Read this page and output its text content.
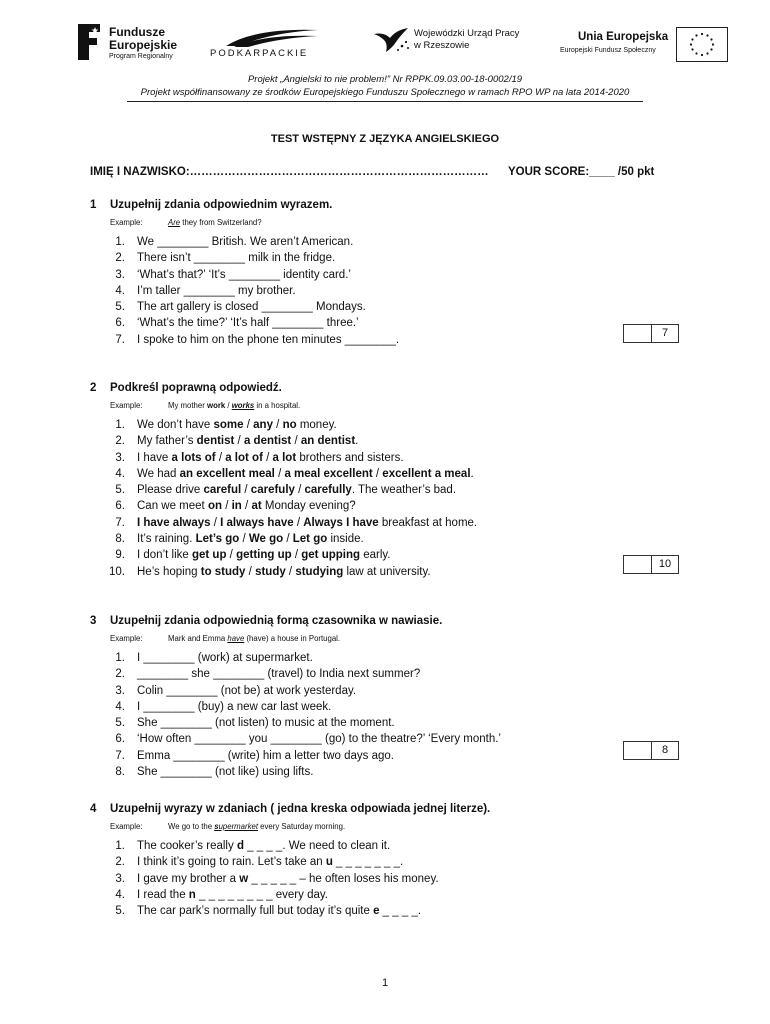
Fundusze
Europejskie
Program Regionalny	PODKARPACKIE
Wojewódzki Urząd Pracy
w Rzeszowie
Unia Europejska
Europejski Fundusz Społeczny
Projekt „Angielski to nie problem!” Nr RPPK.09.03.00-18-0002/19
Projekt współfinansowany ze środków Europejskiego Funduszu Społecznego w ramach RPO WP na lata 2014-2020
TEST WSTĘPNY Z JĘZYKA ANGIELSKIEGO
IMIĘ I NAZWISKO:…………………………………………………………………… YOUR SCORE:____ /50 pkt
1 Uzupełnij zdania odpowiednim wyrazem.
Example:	Are they from Switzerland?
1. We ________ British. We aren’t American.
2. There isn’t ________ milk in the fridge.
3. ‘What’s that?’ ‘It’s ________ identity card.’
4. I’m taller ________ my brother.
5. The art gallery is closed ________ Mondays.
6. ‘What’s the time?’ ‘It’s half ________ three.’
7. I spoke to him on the phone ten minutes ________.
7
2 Podkreśl poprawną odpowiedź.
Example:	My mother work / works in a hospital.
1. We don’t have some / any / no money.
2. My father’s dentist / a dentist / an dentist.
3. I have a lots of / a lot of / a lot brothers and sisters.
4. We had an excellent meal / a meal excellent / excellent a meal.
5. Please drive careful / carefuly / carefully. The weather’s bad.
6. Can we meet on / in / at Monday evening?
7. I have always / I always have / Always I have breakfast at home.
8. It’s raining. Let’s go / We go / Let go inside.
9. I don’t like get up / getting up / get upping early.
10. He’s hoping to study / study / studying law at university.
10
3 Uzupełnij zdania odpowiednią formą czasownika w nawiasie.
Example:	Mark and Emma have (have) a house in Portugal.
1. I ________ (work) at supermarket.
2. ________ she ________ (travel) to India next summer?
3. Colin ________ (not be) at work yesterday.
4. I ________ (buy) a new car last week.
5. She ________ (not listen) to music at the moment.
6. ‘How often ________ you ________ (go) to the theatre?’ ‘Every month.’
7. Emma ________ (write) him a letter two days ago.
8. She ________ (not like) using lifts.
8
4 Uzupełnij wyrazy w zdaniach ( jedna kreska odpowiada jednej literze).
Example:	We go to the supermarket every Saturday morning.
1. The cooker’s really d _ _ _ _. We need to clean it.
2. I think it’s going to rain. Let’s take an u _ _ _ _ _ _ _.
3. I gave my brother a w _ _ _ _ _ – he often loses his money.
4. I read the n _ _ _ _ _ _ _ _ every day.
5. The car park’s normally full but today it’s quite e _ _ _ _.
1
